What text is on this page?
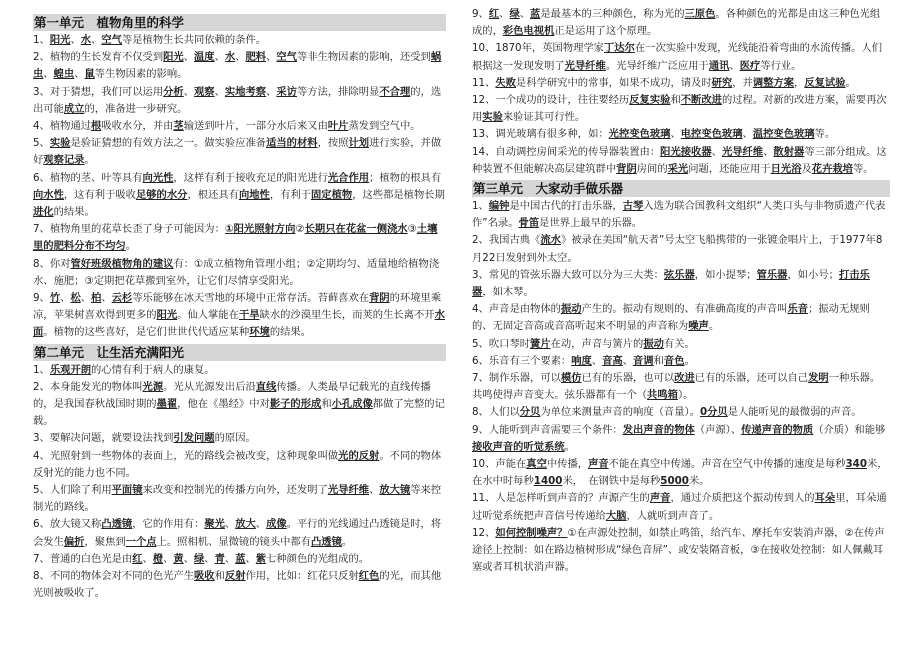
第一单元　植物角里的科学

1、阳光、水、空气等是植物生长共同依赖的条件。

2、植物的生长发育不仅受到阳光、温度、水、肥料、空气等非生物因素的影响，还受到蜗虫、蝗虫、鼠等生物因素的影响。

3、对于猜想，我们可以运用分析、观察、实地考察、采访等方法，排除明显不合理的，选出可能成立的，准备进一步研究。

4、植物通过根吸收水分，并由茎输送到叶片，一部分水后来又由叶片蒸发到空气中。

5、实验是验证猜想的有效方法之一。做实验应准备适当的材料，按照计划进行实验，并做好观察记录。

6、植物的茎、叶等具有向光性，这样有利于接收充足的阳光进行光合作用；植物的根具有向水性，这有利于吸收足够的水分，根还具有向地性，有利于固定植物，这些都是植物长期进化的结果。

7、植物角里的花草长歪了身子可能因为：①阳光照射方向②长期只在花盆一侧浇水③土壤里的肥料分布不均匀。

8、你对管好班级植物角的建议有：①成立植物角管理小组；②定期均匀、适量地给植物浇水、施肥；③定期把花草搬到室外，让它们尽情享受阳光。

9、竹、松、柏、云杉等乐能够在冰天雪地的环境中正常存活。苔藓喜欢在背阴的环境里乘凉，苹果树喜欢得到更多的阳光。仙人掌能在干旱缺水的沙漠里生长，而荚的生长离不开水面。植物的这些喜好，是它们世世代代适应某种环境的结果。

第二单元　让生活充满阳光

1、乐观开朗的心情有利于病人的康复。

2、本身能发光的物体叫光源。光从光源发出后沿直线传播。人类最早记载光的直线传播的，是我国春秋战国时期的墨翟，他在《墨经》中对影子的形成和小孔成像都做了完整的记载。

3、要解决问题，就要设法找到引发问题的原因。

4、光照射到一些物体的表面上，光的路线会被改变，这种现象叫做光的反射。不同的物体反射光的能力也不同。

5、人们除了利用平面镜来改变和控制光的传播方向外，还发明了光导纤维、放大镜等来控制光的路线。

6、放大镜又称凸透镜，它的作用有：聚光、放大、成像。平行的光线通过凸透镜是时，将会发生偏折，聚焦到一个点上。照相机、显微镜的镜头中都有凸透镜。

7、普通的白色光是由红、橙、黄、绿、青、蓝、紫七种颜色的光组成的。

8、不同的物体会对不同的色光产生吸收和反射作用，比如：红花只反射红色的光，而其他光则被吸收了。

9、红、绿、蓝是最基本的三种颜色，称为光的三原色。各种颜色的光都是由这三种色光组成的，彩色电视机正是运用了这个原理。

10、1870年，英国物理学家丁达尔在一次实验中发现，光线能沿着弯曲的水流传播。人们根据这一发现发明了光导纤维。光导纤维广泛应用于通讯、医疗等行业。

11、失败是科学研究中的常事，如果不成功，请及时研究，并调整方案，反复试验。

12、一个成功的设计，往往要经历反复实验和不断改进的过程。对新的改进方案，需要再次用实验来验证其可行性。

13、调光玻璃有很多种，如：光控变色玻璃、电控变色玻璃、温控变色玻璃等。

14、自动调控房间采光的传导器装置由：阳光接收器、光导纤维、散射器等三部分组成。这种装置不但能解决高层建筑群中背阴房间的采光问题，还能应用于日光浴及花卉栽培等。

第三单元　大家动手做乐器

1、编钟是中国古代的打击乐器，古琴入选为联合国教科文组织“人类口头与非物质遗产代表作”名录。骨笛是世界上最早的乐器。

2、我国古典《流水》被录在美国“航天者”号太空飞船携带的一张镀金唱片上，于1977年8月22日发射到外太空。

3、常见的管弦乐器大致可以分为三大类：弦乐器，如小提琴；管乐器，如小号；打击乐器，如木琴。

4、声音是由物体的振动产生的。振动有规则的、有准确高度的声音叫乐音；振动无规则的、无固定音高或音高听起来不明显的声音称为噪声。

5、吹口琴时簧片在动，声音与簧片的振动有关。

6、乐音有三个要素：响度、音高、音调和音色。

7、制作乐器，可以模仿已有的乐器，也可以改进已有的乐器，还可以自己发明一种乐器。共鸣使得声音变大。弦乐器都有一个（共鸣箱）。

8、人们以分贝为单位来测量声音的响度（音量）。0分贝是人能听见的最微弱的声音。

9、人能听到声音需要三个条件：发出声音的物体（声源）、传递声音的物质（介质）和能够接收声音的听觉系统。

10、声能在真空中传播，声音不能在真空中传递。声音在空气中传播的速度是每秒340米，在水中时每秒1400米，　在钢铁中是每秒5000米。

11、人是怎样听到声音的？声源产生的声音，通过介质把这个振动传到人的耳朵里，耳朵通过听觉系统把声音信号传递给大脑，人就听到声音了。

12、如何控制噪声？①在声源处控制，如禁止鸣笛，给汽车、摩托车安装消声器，②在传声途径上控制：如在路边植树形成“绿色音屏”、或安装隔音板，③在接收处控制：如人佩戴耳塞或者耳机状消声器。
